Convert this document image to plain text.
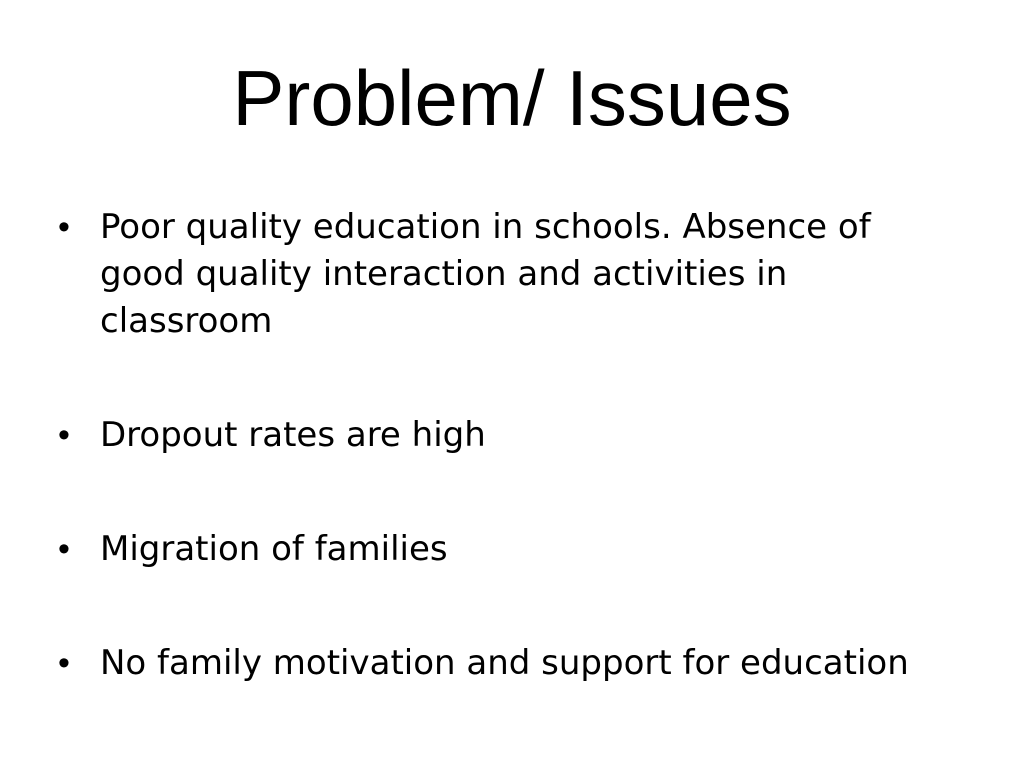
Problem/ Issues
• Poor quality education in schools. Absence of good quality interaction and activities in classroom
• Dropout rates are high
• Migration of families
• No family motivation and support for education
